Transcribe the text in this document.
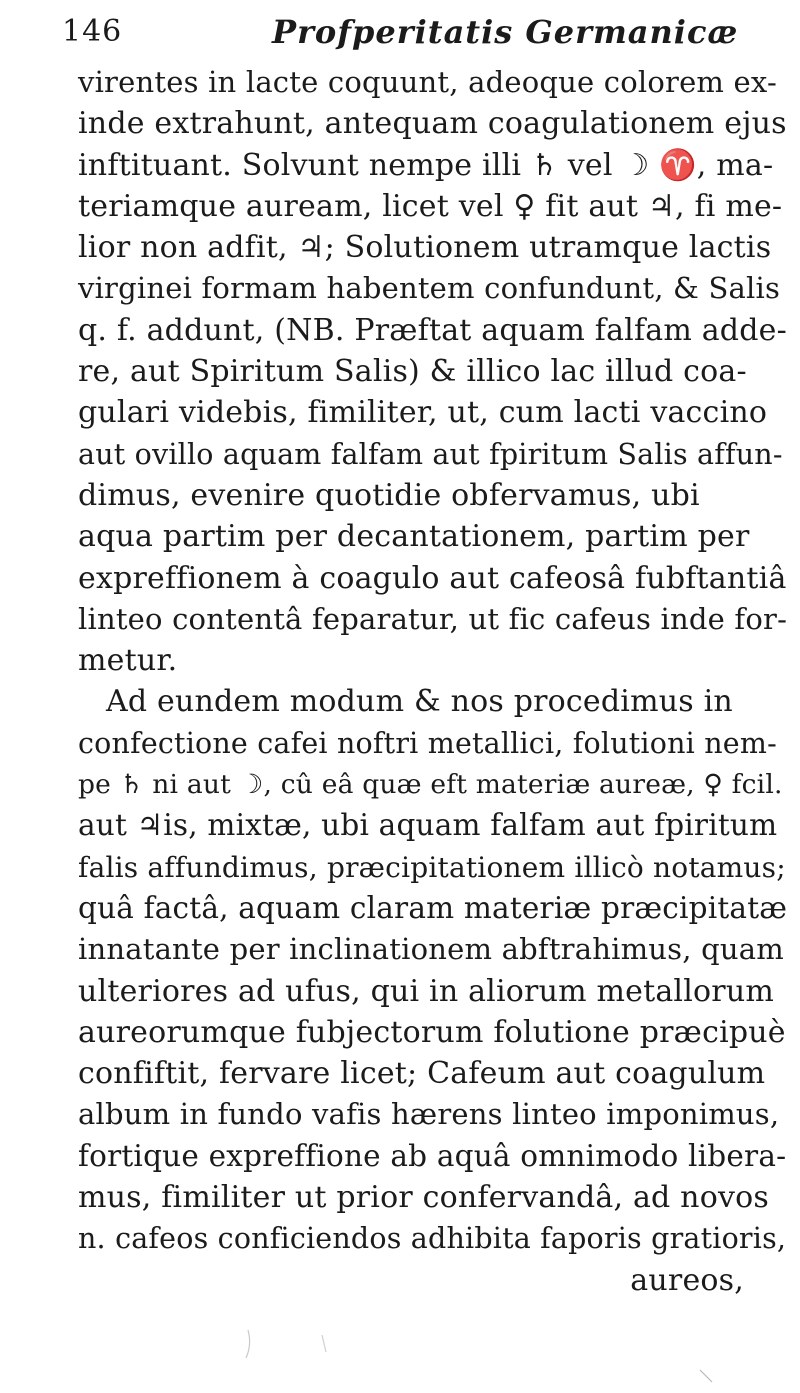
146	Profperitatis Germanicæ
virentes in lacte coquunt, adeoque colorem ex-
inde extrahunt, antequam coagulationem ejus
inftituant. Solvunt nempe illi ♄ vel ☽ ♈, ma-
teriamque auream, licet vel ♀ fit aut ♃, fi me-
lior non adfit, ♃; Solutionem utramque lactis
virginei formam habentem confundunt, & Salis
q. f. addunt, (NB. Præftat aquam falfam adde-
re, aut Spiritum Salis) & illico lac illud coa-
gulari videbis, fimiliter, ut, cum lacti vaccino
aut ovillo aquam falfam aut fpiritum Salis affun-
dimus, evenire quotidie obfervamus, ubi
aqua partim per decantationem, partim per
expreffionem à coagulo aut cafeosâ fubftantiâ
linteo contentâ feparatur, ut fic cafeus inde for-
metur.
Ad eundem modum & nos procedimus in
confectione cafei noftri metallici, folutioni nem-
pe ♄ ni aut ☽, cû eâ quæ eft materiæ aureæ, ♀ fcil.
aut ♃is, mixtæ, ubi aquam falfam aut fpiritum
falis affundimus, præcipitationem illicò notamus;
quâ factâ, aquam claram materiæ præcipitatæ
innatante per inclinationem abftrahimus, quam
ulteriores ad ufus, qui in aliorum metallorum
aureorumque fubjectorum folutione præcipuè
confiftit, fervare licet; Cafeum aut coagulum
album in fundo vafis hærens linteo imponimus,
fortique expreffione ab aquâ omnimodo libera-
mus, fimiliter ut prior confervandâ, ad novos
n. cafeos conficiendos adhibita faporis gratioris,
aureos,
